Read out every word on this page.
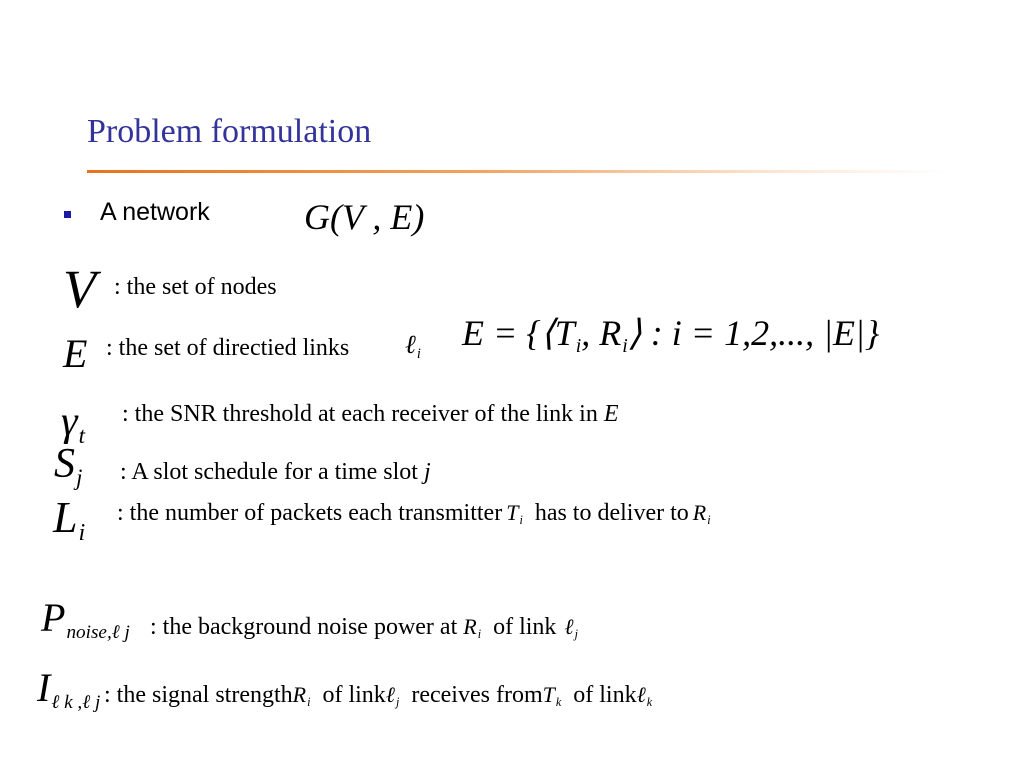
Problem formulation
A network	G(V , E)
V : the set of nodes
E : the set of directied links ℓi
E = {⟨Ti, Ri⟩ : i = 1,2,..., |E|}
γt
: the SNR threshold at each receiver of the link in E
Sj : A slot schedule for a time slot j
Li
: the number of packets each transmitter Ti has to deliver to Ri
Pnoise,ℓ j : the background noise power at Ri of link ℓj
Iℓ k ,ℓ j : the signal strengthRi of linkℓj receives fromTk of linkℓk
